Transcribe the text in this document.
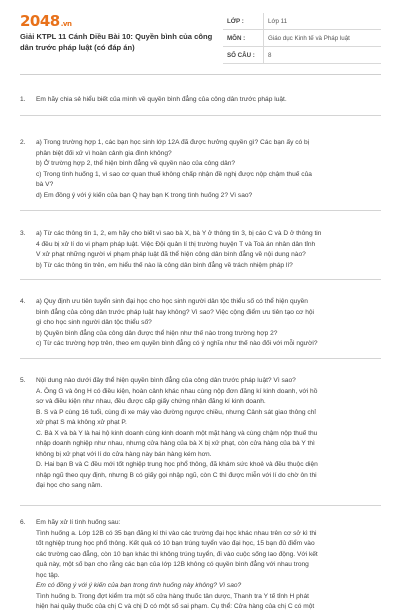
2048.vn
Giải KTPL 11 Cánh Diều Bài 10: Quyền bình của công dân trước pháp luật (có đáp án)
LỚP :	Lớp 11
MÔN :	Giáo dục Kinh tế và Pháp luật
SỐ CÂU :	8
1.	Em hãy chia sẻ hiểu biết của mình về quyền bình đẳng của công dân trước pháp luật.
2.	a) Trong trường hợp 1, các bạn học sinh lớp 12A đã được hưởng quyền gì? Các bạn ấy có bị
phân biệt đối xử vì hoàn cảnh gia đình không?
b) Ở trường hợp 2, thể hiện bình đẳng về quyền nào của công dân?
c) Trong tình huống 1, vì sao cơ quan thuế không chấp nhận đề nghị được nộp chậm thuế của
bà V?
d) Em đồng ý với ý kiến của bạn Q hay bạn K trong tình huống 2? Vì sao?
3.	a) Từ các thông tin 1, 2, em hãy cho biết vì sao bà X, bà Y ở thông tin 3, bị cáo C và D ở thông tin
4 đều bị xử lí do vi phạm pháp luật. Việc Đội quản lí thị trường huyện T và Toà án nhân dân tỉnh
V xử phạt những người vi phạm pháp luật đã thể hiện công dân bình đẳng về nội dung nào?
b) Từ các thông tin trên, em hiểu thế nào là công dân bình đẳng về trách nhiệm pháp lí?
4.	a) Quy định ưu tiên tuyển sinh đại học cho học sinh người dân tộc thiểu số có thể hiện quyền
bình đẳng của công dân trước pháp luật hay không? Vì sao? Việc cộng điểm ưu tiên tạo cơ hội
gì cho học sinh người dân tộc thiểu số?
b) Quyền bình đẳng của công dân được thể hiện như thế nào trong trường hợp 2?
c) Từ các trường hợp trên, theo em quyền bình đẳng có ý nghĩa như thế nào đối với mỗi người?
5.	Nội dung nào dưới đây thể hiện quyền bình đẳng của công dân trước pháp luật? Vì sao?
A. Ông G và ông H có điều kiện, hoàn cảnh khác nhau cùng nộp đơn đăng kí kinh doanh, với hồ
sơ và điều kiện như nhau, đều được cấp giấy chứng nhận đăng kí kinh doanh.
B. S và P cùng 16 tuổi, cùng đi xe máy vào đường ngược chiều, nhưng Cảnh sát giao thông chỉ
xử phạt S mà không xử phạt P.
C. Bà X và bà Y là hai hộ kinh doanh cùng kinh doanh một mặt hàng và cùng chậm nộp thuế thu
nhập doanh nghiệp như nhau, nhưng cửa hàng của bà X bị xử phạt, còn cửa hàng của bà Y thì
không bị xử phạt với lí do cửa hàng này bán hàng kém hơn.
D. Hai bạn B và C đều mới tốt nghiệp trung học phổ thông, đã khám sức khoẻ và đều thuộc diện
nhập ngũ theo quy định, nhưng B có giấy gọi nhập ngũ, còn C thì được miễn với lí do chờ ôn thi
đại học cho sang năm.
6.	Em hãy xử lí tình huống sau:
Tình huống a. Lớp 12B có 35 bạn đăng kí thi vào các trường đại học khác nhau trên cơ sở kì thi
tốt nghiệp trung học phổ thông. Kết quả có 10 bạn trúng tuyển vào đại học, 15 bạn đủ điểm vào
các trường cao đẳng, còn 10 bạn khác thì không trúng tuyển, đi vào cuộc sống lao động. Với kết
quả này, một số bạn cho rằng các bạn của lớp 12B không có quyền bình đẳng với nhau trong
học tập.
Em có đồng ý với ý kiến của bạn trong tình huống này không? Vì sao?
Tình huống b. Trong đợt kiểm tra một số cửa hàng thuốc tân dược, Thanh tra Y tế tỉnh H phát
hiện hai quầy thuốc của chị C và chị D có một số sai phạm. Cụ thể: Cửa hàng của chị C có một
